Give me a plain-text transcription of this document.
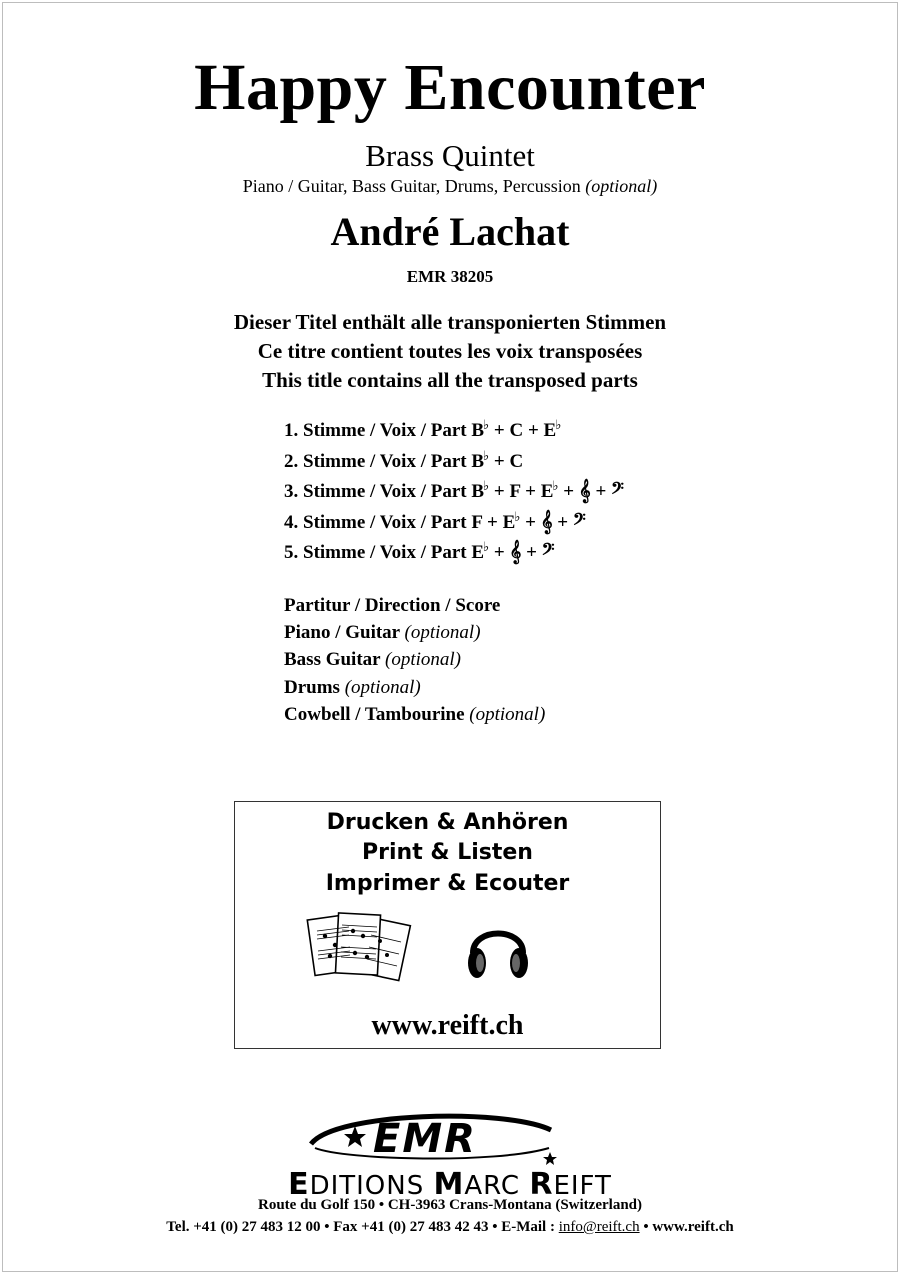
Happy Encounter
Brass Quintet
Piano / Guitar, Bass Guitar, Drums, Percussion (optional)
André Lachat
EMR 38205
Dieser Titel enthält alle transponierten Stimmen
Ce titre contient toutes les voix transposées
This title contains all the transposed parts
1. Stimme / Voix / Part B♭ + C + E♭
2. Stimme / Voix / Part B♭ + C
3. Stimme / Voix / Part B♭ + F + E♭ + 𝄞 + 𝄢
4. Stimme / Voix / Part F + E♭ + 𝄞 + 𝄢
5. Stimme / Voix / Part E♭ + 𝄞 + 𝄢
Partitur / Direction / Score
Piano / Guitar (optional)
Bass Guitar (optional)
Drums (optional)
Cowbell / Tambourine (optional)
Drucken & Anhören
Print & Listen
Imprimer & Ecouter
www.reift.ch
EMR
EDITIONS MARC REIFT
Route du Golf 150 • CH-3963 Crans-Montana (Switzerland)
Tel. +41 (0) 27 483 12 00 • Fax +41 (0) 27 483 42 43 • E-Mail : info@reift.ch • www.reift.ch
